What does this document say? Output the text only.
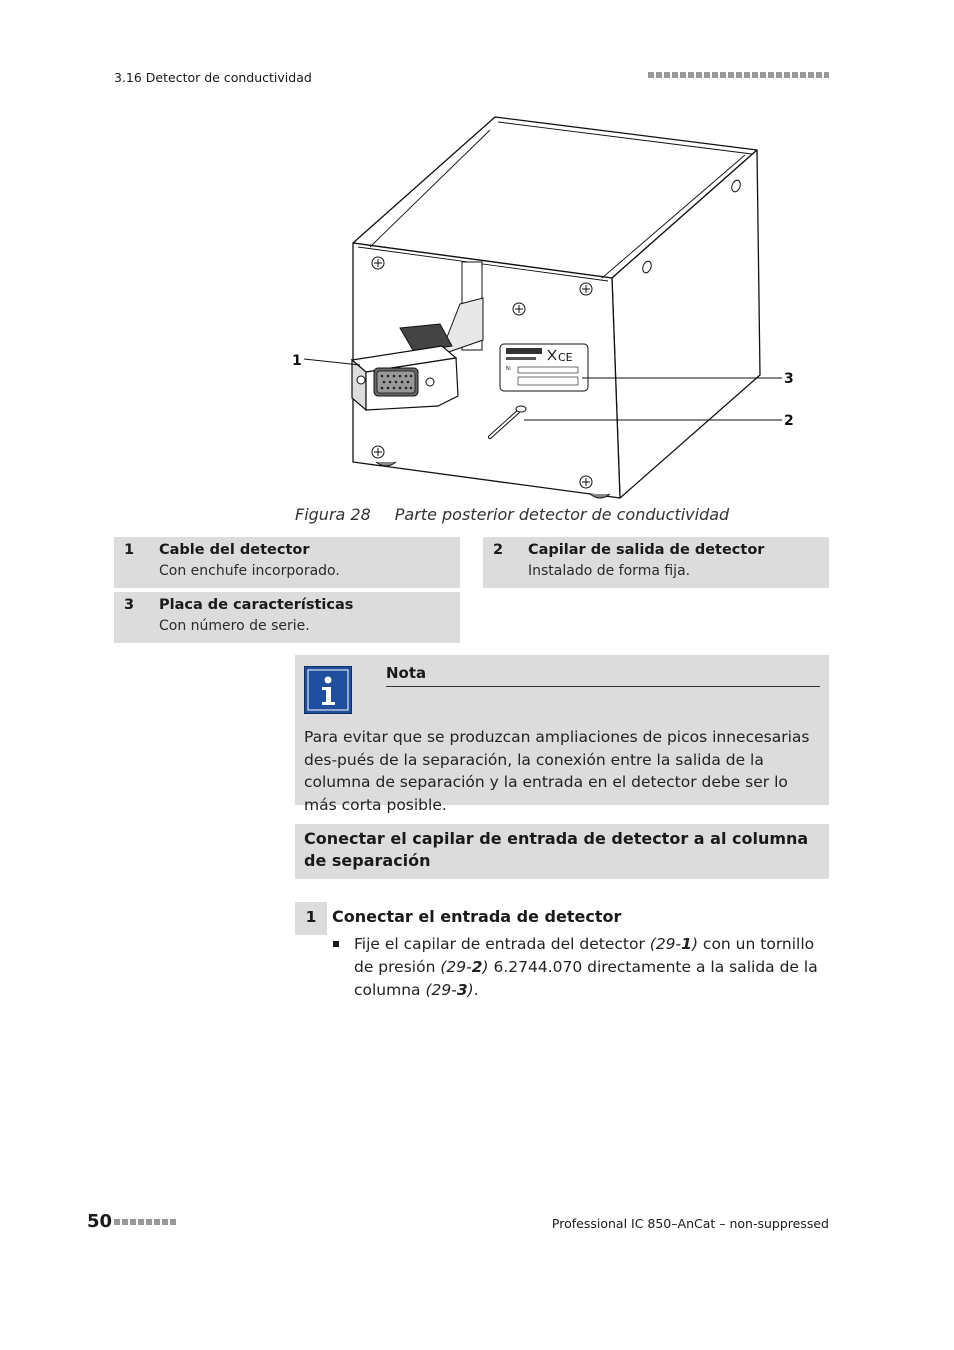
3.16 Detector de conductividad
CE
N:
1
2
3
Figura 28 Parte posterior detector de conductividad
1 Cable del detector
Con enchufe incorporado.
2 Capilar de salida de detector
Instalado de forma fija.
3 Placa de características
Con número de serie.
Nota
Para evitar que se produzcan ampliaciones de picos innecesarias des-pués de la separación, la conexión entre la salida de la columna de separación y la entrada en el detector debe ser lo más corta posible.
Conectar el capilar de entrada de detector a al columna de separación
1 Conectar el entrada de detector
Fije el capilar de entrada del detector (29-1) con un tornillo de presión (29-2) 6.2744.070 directamente a la salida de la columna (29-3).
50	Professional IC 850–AnCat – non-suppressed
